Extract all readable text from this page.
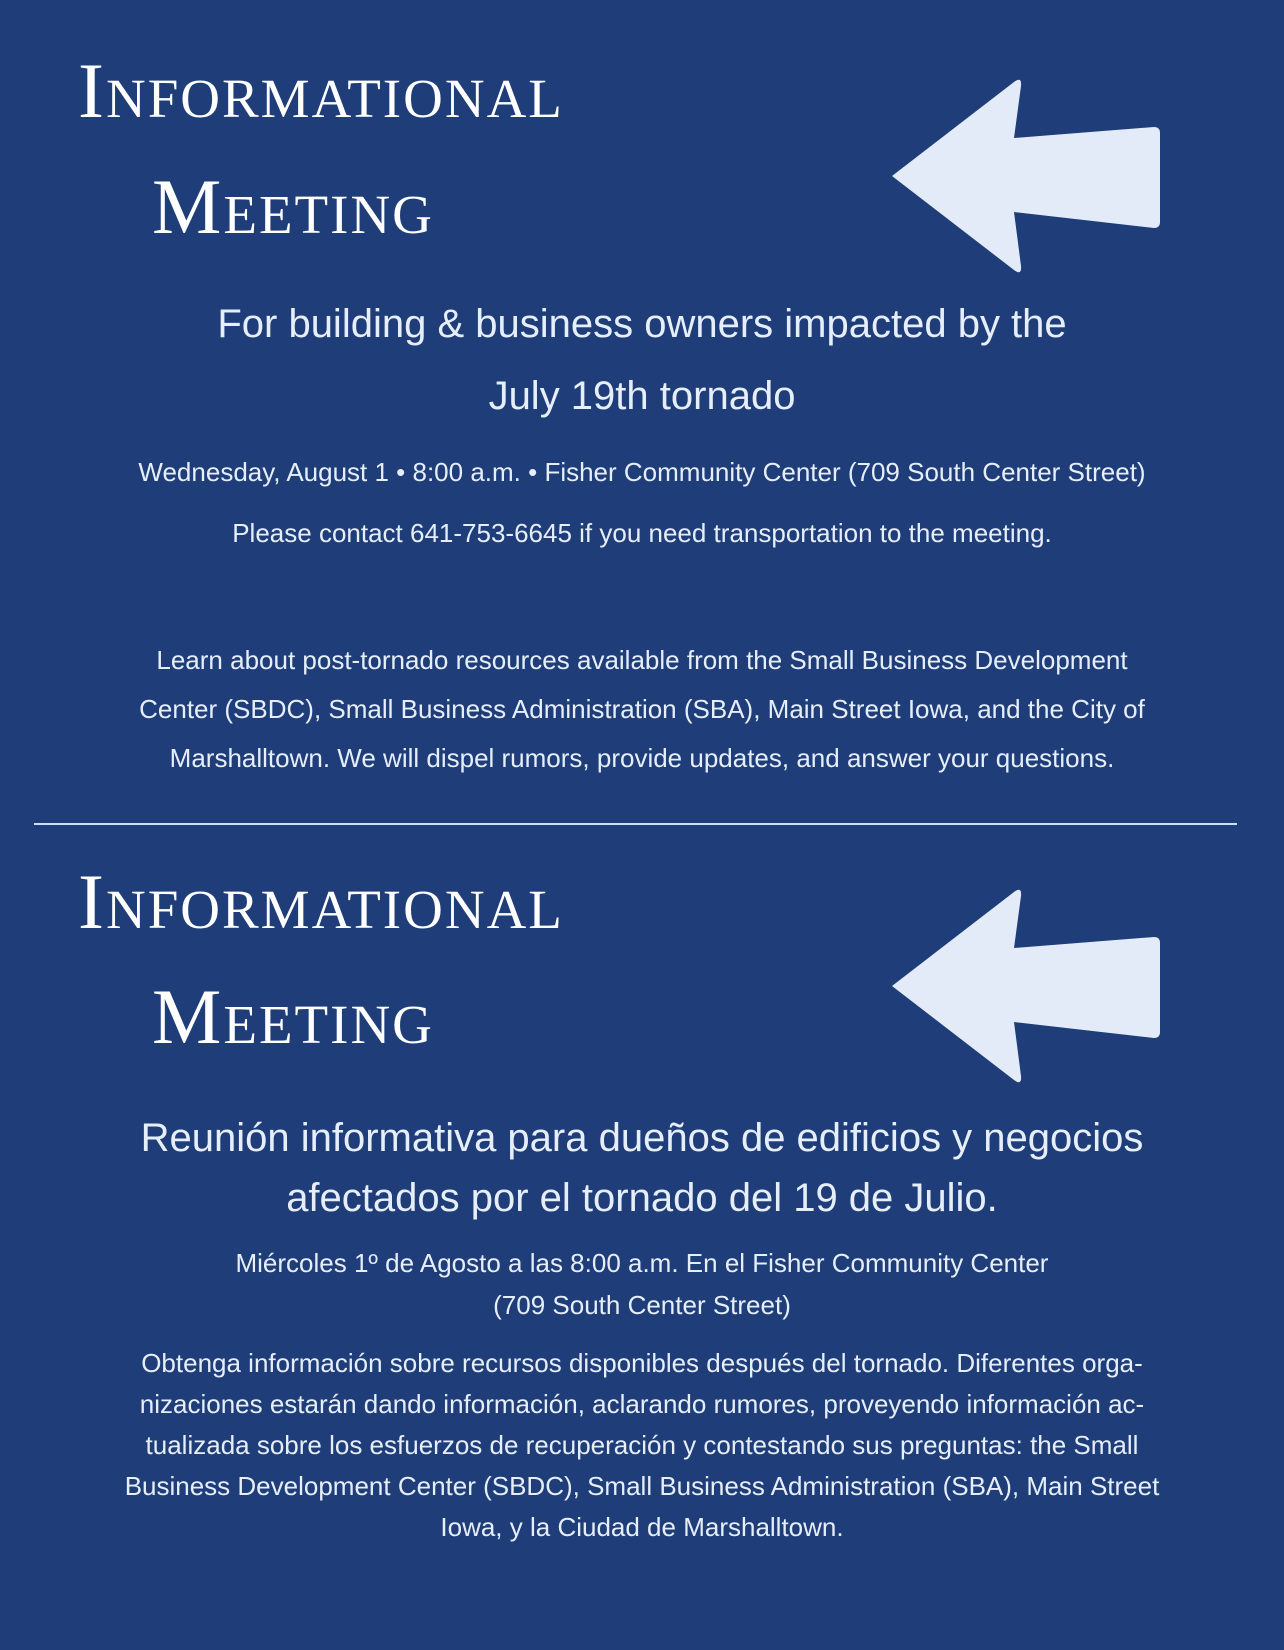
Informational
Meeting
For building & business owners impacted by the
July 19th tornado
Wednesday, August 1 • 8:00 a.m. • Fisher Community Center (709 South Center Street)
Please contact 641-753-6645 if you need transportation to the meeting.
Learn about post-tornado resources available from the Small Business Development
Center (SBDC), Small Business Administration (SBA), Main Street Iowa, and the City of
Marshalltown. We will dispel rumors, provide updates, and answer your questions.
Informational
Meeting
Reunión informativa para dueños de edificios y negocios
afectados por el tornado del 19 de Julio.
Miércoles 1º de Agosto a las 8:00 a.m. En el Fisher Community Center
(709 South Center Street)
Obtenga información sobre recursos disponibles después del tornado. Diferentes orga-
nizaciones estarán dando información, aclarando rumores, proveyendo información ac-
tualizada sobre los esfuerzos de recuperación y contestando sus preguntas: the Small
Business Development Center (SBDC), Small Business Administration (SBA), Main Street
Iowa, y la Ciudad de Marshalltown.
